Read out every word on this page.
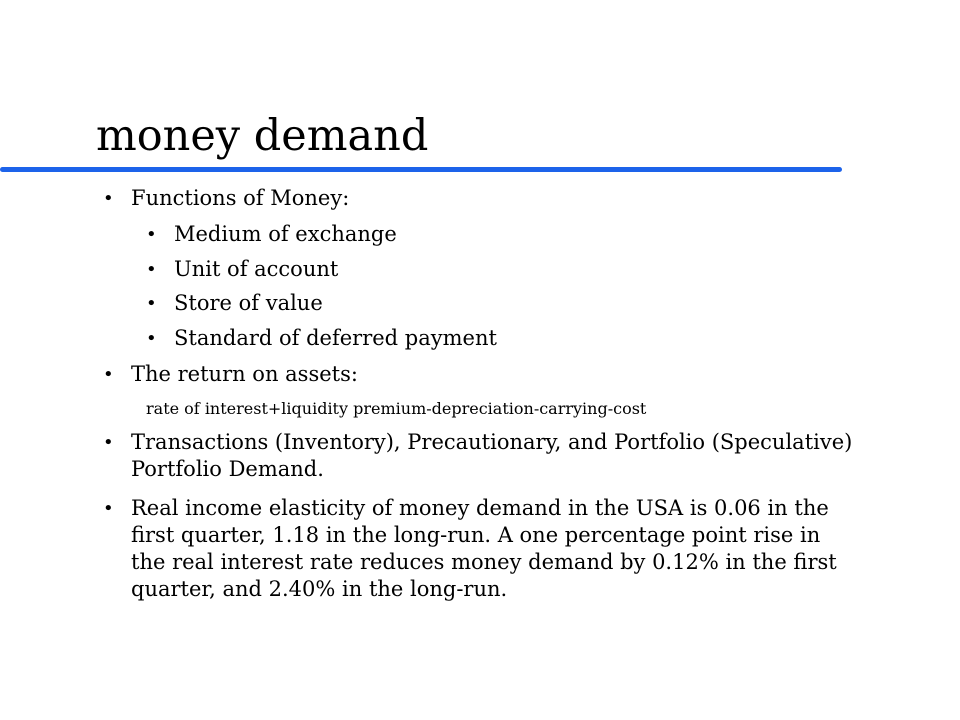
money demand
• Functions of Money:
• Medium of exchange
• Unit of account
• Store of value
• Standard of deferred payment
• The return on assets:
rate of interest+liquidity premium-depreciation-carrying-cost
• Transactions (Inventory), Precautionary, and Portfolio (Speculative) Portfolio Demand.
• Real income elasticity of money demand in the USA is 0.06 in the first quarter, 1.18 in the long-run. A one percentage point rise in the real interest rate reduces money demand by 0.12% in the first quarter, and 2.40% in the long-run.
